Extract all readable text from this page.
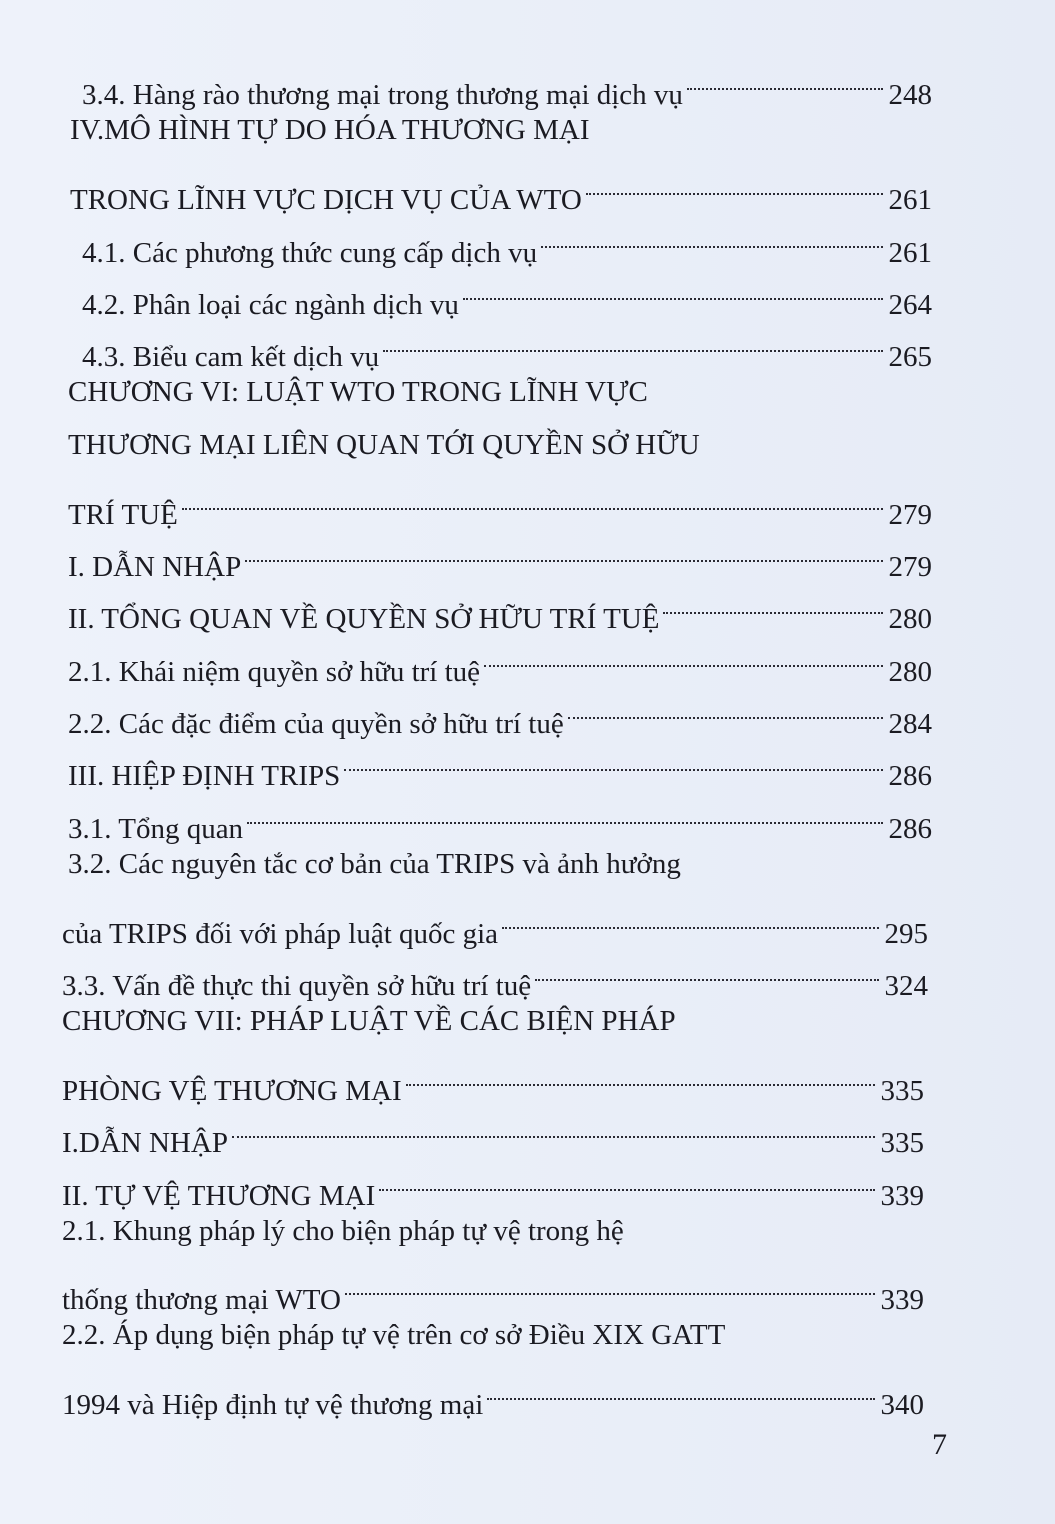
3.4. Hàng rào thương mại trong thương mại dịch vụ	248
IV.MÔ HÌNH TỰ DO HÓA THƯƠNG MẠI
TRONG LĨNH VỰC DỊCH VỤ CỦA WTO	261
4.1. Các phương thức cung cấp dịch vụ	261
4.2. Phân loại các ngành dịch vụ	264
4.3. Biểu cam kết dịch vụ	265
CHƯƠNG VI: LUẬT WTO TRONG LĨNH VỰC
THƯƠNG MẠI LIÊN QUAN TỚI QUYỀN SỞ HỮU
TRÍ TUỆ	279
I. DẪN NHẬP	279
II. TỔNG QUAN VỀ QUYỀN SỞ HỮU TRÍ TUỆ	280
2.1. Khái niệm quyền sở hữu trí tuệ	280
2.2. Các đặc điểm của quyền sở hữu trí tuệ	284
III. HIỆP ĐỊNH TRIPS	286
3.1. Tổng quan	286
3.2. Các nguyên tắc cơ bản của TRIPS và ảnh hưởng
của TRIPS đối với pháp luật quốc gia	295
3.3. Vấn đề thực thi quyền sở hữu trí tuệ	324
CHƯƠNG VII: PHÁP LUẬT VỀ CÁC BIỆN PHÁP
PHÒNG VỆ THƯƠNG MẠI	335
I.DẪN NHẬP	335
II. TỰ VỆ THƯƠNG MẠI	339
2.1. Khung pháp lý cho biện pháp tự vệ trong hệ
thống thương mại WTO	339
2.2. Áp dụng biện pháp tự vệ trên cơ sở Điều XIX GATT
1994 và Hiệp định tự vệ thương mại	340
7
